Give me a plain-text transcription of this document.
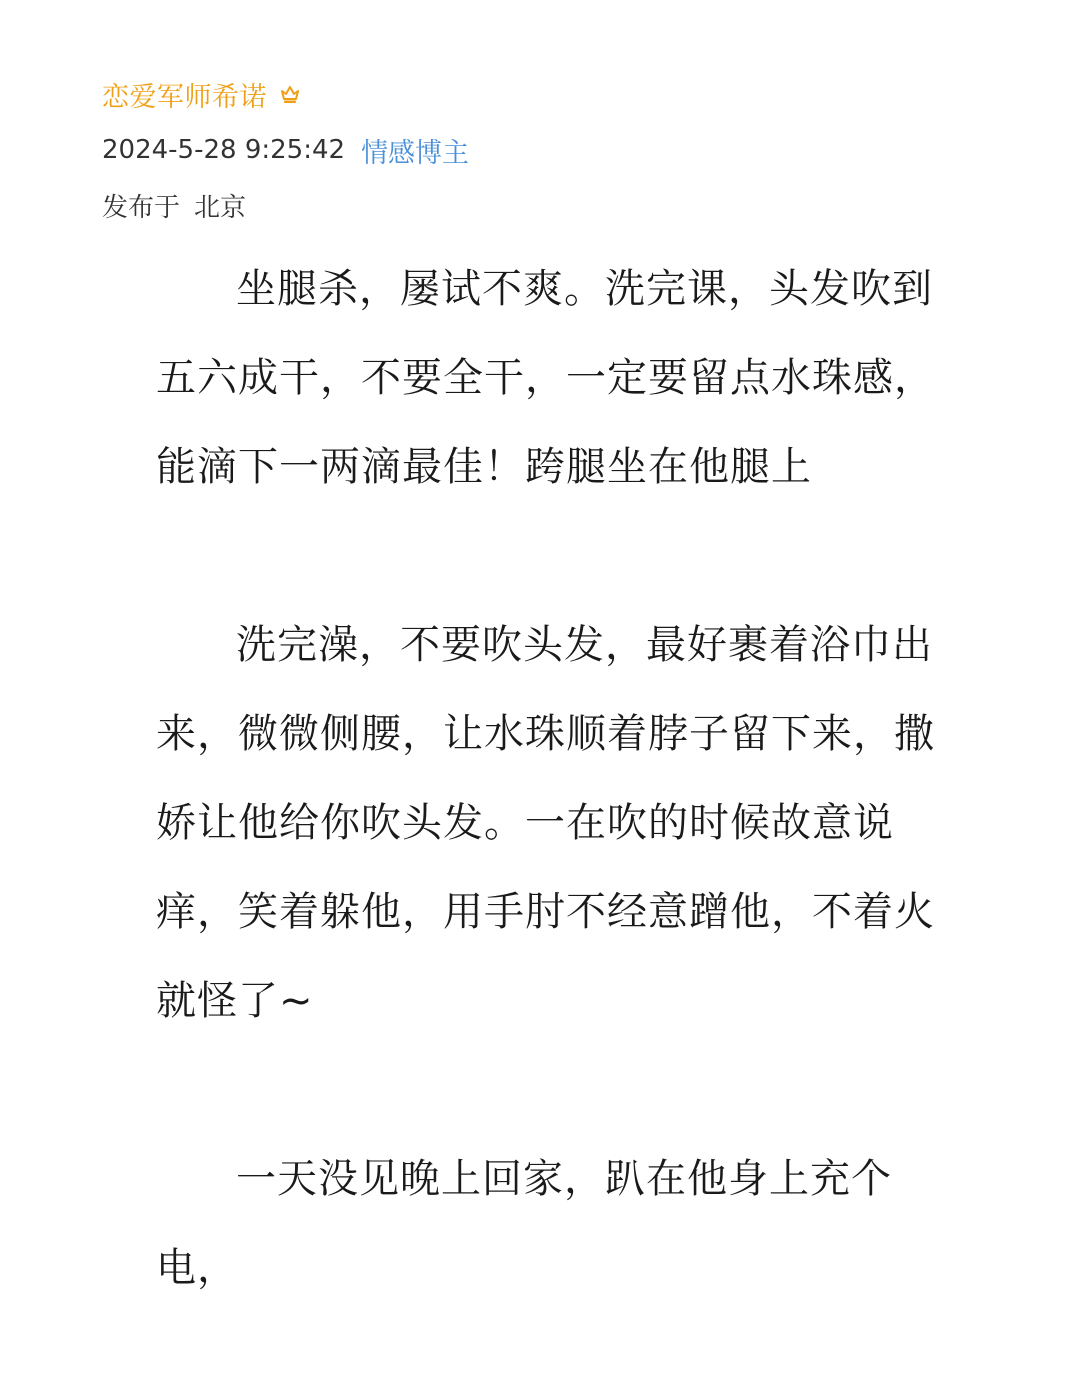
恋爱军师希诺
2024-5-28 9:25:42 情感博主
发布于 北京

坐腿杀，屡试不爽。洗完课，头发吹到五六成干，不要全干，一定要留点水珠感，能滴下一两滴最佳！跨腿坐在他腿上

洗完澡，不要吹头发，最好裹着浴巾出来，微微侧腰，让水珠顺着脖子留下来，撒娇让他给你吹头发。一在吹的时候故意说痒，笑着躲他，用手肘不经意蹭他，不着火就怪了~

一天没见晚上回家，趴在他身上充个电，
